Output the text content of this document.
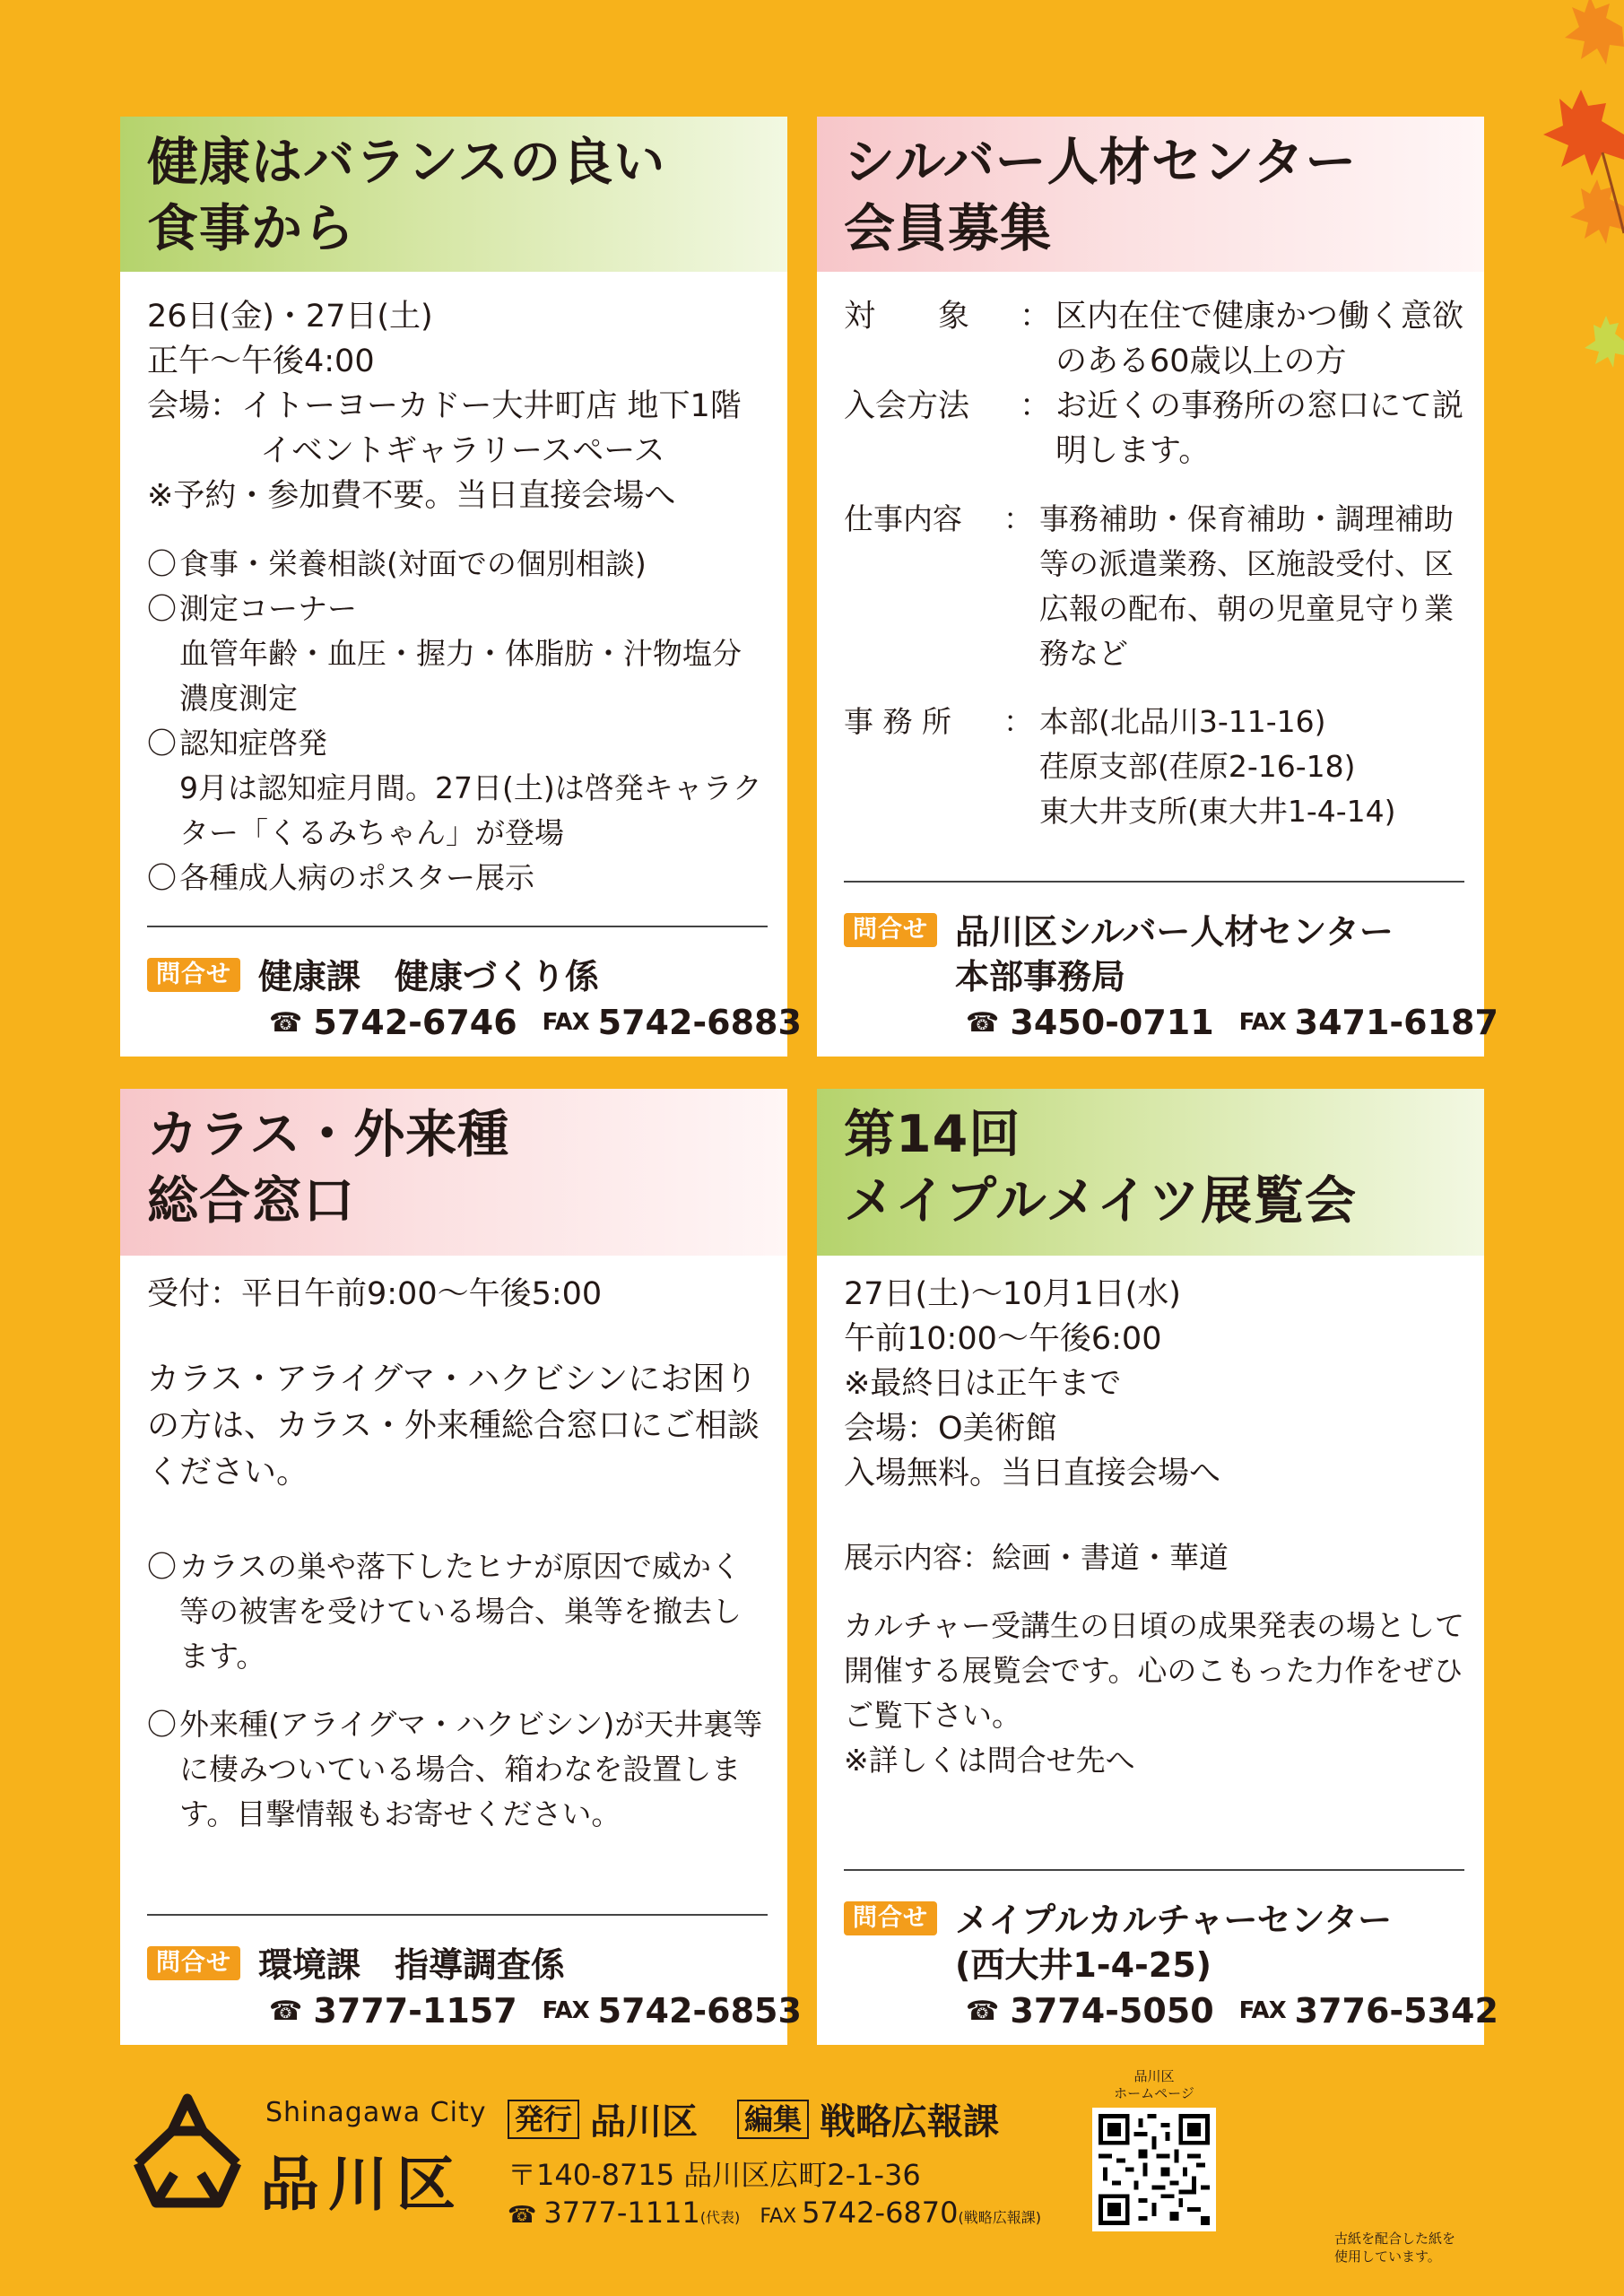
健康はバランスの良い
食事から
26日(金)・27日(土)
正午～午後4:00
会場：イトーヨーカドー大井町店 地下1階
イベントギャラリースペース
※予約・参加費不要。当日直接会場へ
〇 食事・栄養相談(対面での個別相談)
〇 測定コーナー
血管年齢・血圧・握力・体脂肪・汁物塩分濃度測定
〇 認知症啓発
9月は認知症月間。27日(土)は啓発キャラクター「くるみちゃん」が登場
〇 各種成人病のポスター展示
問合せ 健康課　健康づくり係
☎ 5742-6746 FAX 5742-6883
シルバー人材センター
会員募集
対　　象	： 区内在住で健康かつ働く意欲のある60歳以上の方
入会方法	： お近くの事務所の窓口にて説明します。
仕事内容	： 事務補助・保育補助・調理補助等の派遣業務、区施設受付、区広報の配布、朝の児童見守り業務など
事 務 所	： 本部(北品川3-11-16)
荏原支部(荏原2-16-18)
東大井支所(東大井1-4-14)
問合せ 品川区シルバー人材センター
本部事務局
☎ 3450-0711 FAX 3471-6187
カラス・外来種
総合窓口
受付：平日午前9:00～午後5:00
カラス・アライグマ・ハクビシンにお困りの方は、カラス・外来種総合窓口にご相談ください。
〇 カラスの巣や落下したヒナが原因で威かく等の被害を受けている場合、巣等を撤去します。
〇 外来種(アライグマ・ハクビシン)が天井裏等に棲みついている場合、箱わなを設置します。目撃情報もお寄せください。
問合せ 環境課　指導調査係
☎ 3777-1157 FAX 5742-6853
第14回
メイプルメイツ展覧会
27日(土)～10月1日(水)
午前10:00～午後6:00
※最終日は正午まで
会場：O美術館
入場無料。当日直接会場へ
展示内容：絵画・書道・華道
カルチャー受講生の日頃の成果発表の場として開催する展覧会です。心のこもった力作をぜひご覧下さい。
※詳しくは問合せ先へ
問合せ メイプルカルチャーセンター
(西大井1-4-25)
☎ 3774-5050 FAX 3776-5342
Shinagawa City
品川区
発行 品川区 編集 戦略広報課
〒140-8715 品川区広町2-1-36
☎ 3777-1111 (代表) FAX 5742-6870 (戦略広報課)
品川区
ホームページ
古紙を配合した紙を
使用しています。
